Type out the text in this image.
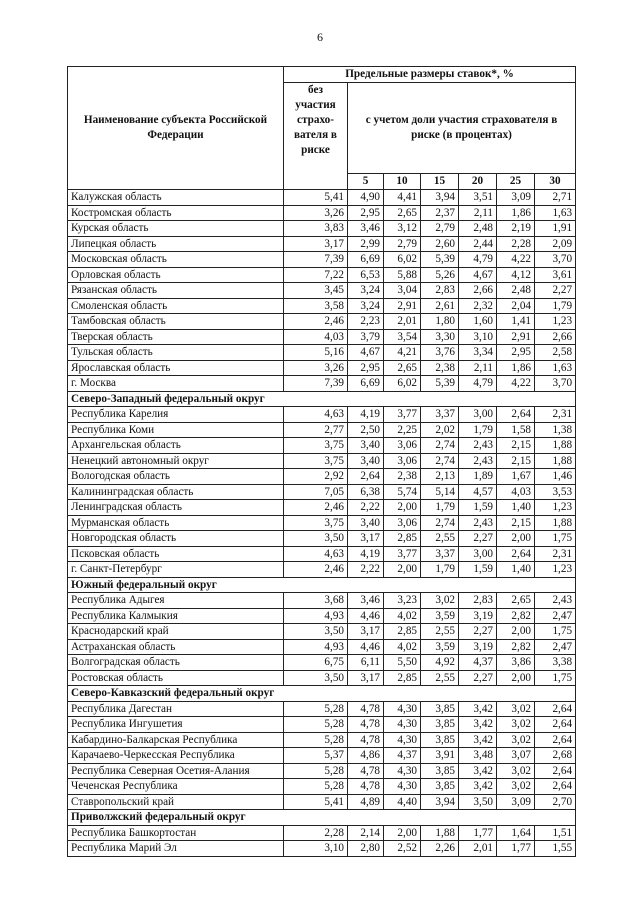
6
Наименование субъекта Российской Федерации	Предельные размеры ставок*, %						
	без участия страхо-вателя в риске	с учетом доли участия страхователя в риске (в процентах)					
		5	10	15	20	25	30
Калужская область	5,41	4,90	4,41	3,94	3,51	3,09	2,71
Костромская область	3,26	2,95	2,65	2,37	2,11	1,86	1,63
Курская область	3,83	3,46	3,12	2,79	2,48	2,19	1,91
Липецкая область	3,17	2,99	2,79	2,60	2,44	2,28	2,09
Московская область	7,39	6,69	6,02	5,39	4,79	4,22	3,70
Орловская область	7,22	6,53	5,88	5,26	4,67	4,12	3,61
Рязанская область	3,45	3,24	3,04	2,83	2,66	2,48	2,27
Смоленская область	3,58	3,24	2,91	2,61	2,32	2,04	1,79
Тамбовская область	2,46	2,23	2,01	1,80	1,60	1,41	1,23
Тверская область	4,03	3,79	3,54	3,30	3,10	2,91	2,66
Тульская область	5,16	4,67	4,21	3,76	3,34	2,95	2,58
Ярославская область	3,26	2,95	2,65	2,38	2,11	1,86	1,63
г. Москва	7,39	6,69	6,02	5,39	4,79	4,22	3,70
Северо-Западный федеральный округ							
Республика Карелия	4,63	4,19	3,77	3,37	3,00	2,64	2,31
Республика Коми	2,77	2,50	2,25	2,02	1,79	1,58	1,38
Архангельская область	3,75	3,40	3,06	2,74	2,43	2,15	1,88
Ненецкий автономный округ	3,75	3,40	3,06	2,74	2,43	2,15	1,88
Вологодская область	2,92	2,64	2,38	2,13	1,89	1,67	1,46
Калининградская область	7,05	6,38	5,74	5,14	4,57	4,03	3,53
Ленинградская область	2,46	2,22	2,00	1,79	1,59	1,40	1,23
Мурманская область	3,75	3,40	3,06	2,74	2,43	2,15	1,88
Новгородская область	3,50	3,17	2,85	2,55	2,27	2,00	1,75
Псковская область	4,63	4,19	3,77	3,37	3,00	2,64	2,31
г. Санкт-Петербург	2,46	2,22	2,00	1,79	1,59	1,40	1,23
Южный федеральный округ							
Республика Адыгея	3,68	3,46	3,23	3,02	2,83	2,65	2,43
Республика Калмыкия	4,93	4,46	4,02	3,59	3,19	2,82	2,47
Краснодарский край	3,50	3,17	2,85	2,55	2,27	2,00	1,75
Астраханская область	4,93	4,46	4,02	3,59	3,19	2,82	2,47
Волгоградская область	6,75	6,11	5,50	4,92	4,37	3,86	3,38
Ростовская область	3,50	3,17	2,85	2,55	2,27	2,00	1,75
Северо-Кавказский федеральный округ							
Республика Дагестан	5,28	4,78	4,30	3,85	3,42	3,02	2,64
Республика Ингушетия	5,28	4,78	4,30	3,85	3,42	3,02	2,64
Кабардино-Балкарская Республика	5,28	4,78	4,30	3,85	3,42	3,02	2,64
Карачаево-Черкесская Республика	5,37	4,86	4,37	3,91	3,48	3,07	2,68
Республика Северная Осетия-Алания	5,28	4,78	4,30	3,85	3,42	3,02	2,64
Чеченская Республика	5,28	4,78	4,30	3,85	3,42	3,02	2,64
Ставропольский край	5,41	4,89	4,40	3,94	3,50	3,09	2,70
Приволжский федеральный округ							
Республика Башкортостан	2,28	2,14	2,00	1,88	1,77	1,64	1,51
Республика Марий Эл	3,10	2,80	2,52	2,26	2,01	1,77	1,55
